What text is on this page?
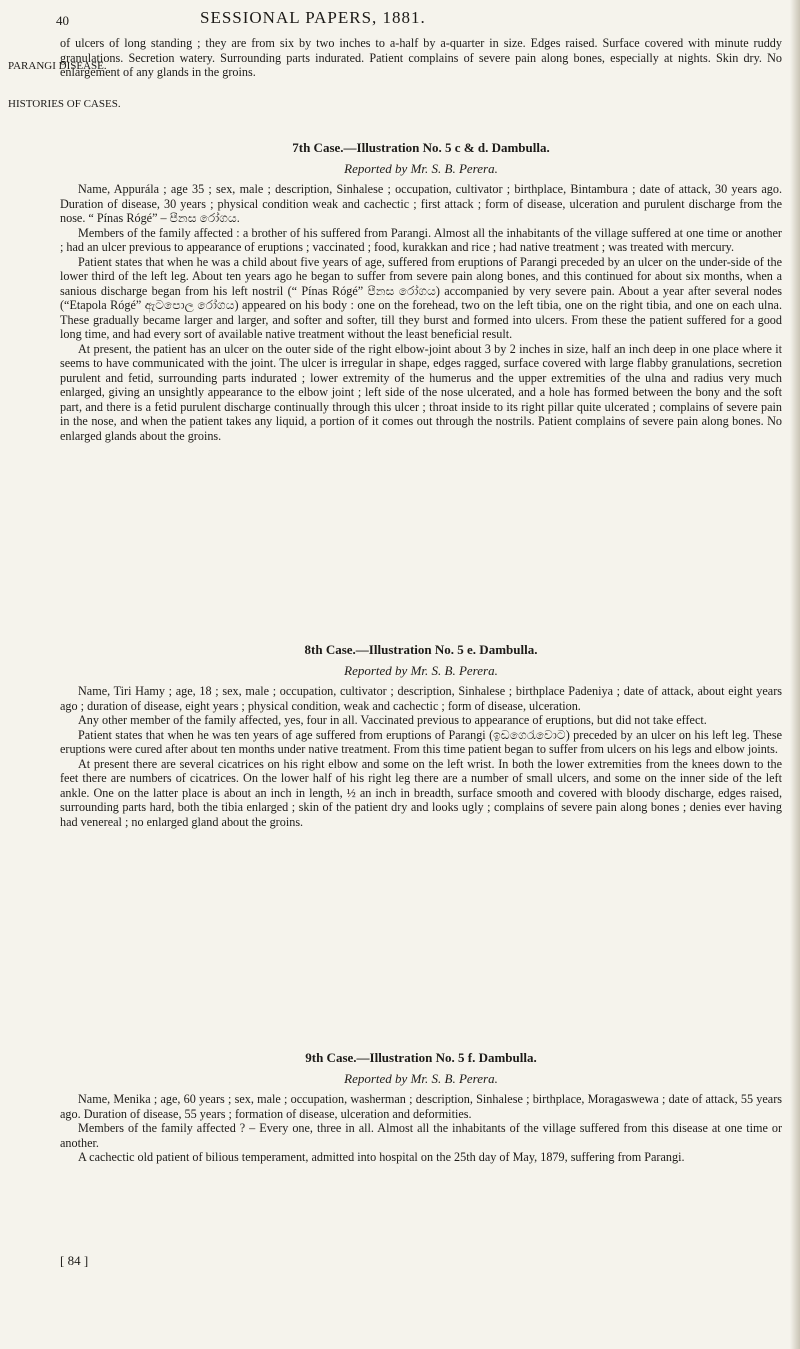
40	SESSIONAL PAPERS, 1881.
PARANGI DISEASE.
HISTORIES OF CASES.

of ulcers of long standing ; they are from six by two inches to a-half by a-quarter in size. Edges raised. Surface covered with minute ruddy granulations. Secretion watery. Surrounding parts indurated. Patient complains of severe pain along bones, especially at nights. Skin dry. No enlargement of any glands in the groins.

7th Case.—Illustration No. 5 c & d. Dambulla.
Reported by Mr. S. B. Perera.

Name, Appurála ; age 35 ; sex, male ; description, Sinhalese ; occupation, cultivator ; birthplace, Bintambura ; date of attack, 30 years ago. Duration of disease, 30 years ; physical condition weak and cachectic ; first attack ; form of disease, ulceration and purulent discharge from the nose. “ Pínas Rógé” – පීනස රෝගය.

Members of the family affected : a brother of his suffered from Parangi. Almost all the inhabitants of the village suffered at one time or another ; had an ulcer previous to appearance of eruptions ; vaccinated ; food, kurakkan and rice ; had native treatment ; was treated with mercury.

Patient states that when he was a child about five years of age, suffered from eruptions of Parangi preceded by an ulcer on the under-side of the lower third of the left leg. About ten years ago he began to suffer from severe pain along bones, and this continued for about six months, when a sanious discharge began from his left nostril (“ Pínas Rógé” පීනස රෝගය) accompanied by very severe pain. About a year after several nodes (“Etapola Rógé” ඇටපොල රෝගය) appeared on his body : one on the forehead, two on the left tibia, one on the right tibia, and one on each ulna. These gradually became larger and larger, and softer and softer, till they burst and formed into ulcers. From these the patient suffered for a good long time, and had every sort of available native treatment without the least beneficial result.

At present, the patient has an ulcer on the outer side of the right elbow-joint about 3 by 2 inches in size, half an inch deep in one place where it seems to have communicated with the joint. The ulcer is irregular in shape, edges ragged, surface covered with large flabby granulations, secretion purulent and fetid, surrounding parts indurated ; lower extremity of the humerus and the upper extremities of the ulna and radius very much enlarged, giving an unsightly appearance to the elbow joint ; left side of the nose ulcerated, and a hole has formed between the bony and the soft part, and there is a fetid purulent discharge continually through this ulcer ; throat inside to its right pillar quite ulcerated ; complains of severe pain in the nose, and when the patient takes any liquid, a portion of it comes out through the nostrils. Patient complains of severe pain along bones. No enlarged glands about the groins.

8th Case.—Illustration No. 5 e. Dambulla.
Reported by Mr. S. B. Perera.

Name, Tiri Hamy ; age, 18 ; sex, male ; occupation, cultivator ; description, Sinhalese ; birthplace Padeniya ; date of attack, about eight years ago ; duration of disease, eight years ; physical condition, weak and cachectic ; form of disease, ulceration.

Any other member of the family affected, yes, four in all. Vaccinated previous to appearance of eruptions, but did not take effect.

Patient states that when he was ten years of age suffered from eruptions of Parangi (ඉඩගෙරැවොට) preceded by an ulcer on his left leg. These eruptions were cured after about ten months under native treatment. From this time patient began to suffer from ulcers on his legs and elbow joints.

At present there are several cicatrices on his right elbow and some on the left wrist. In both the lower extremities from the knees down to the feet there are numbers of cicatrices. On the lower half of his right leg there are a number of small ulcers, and some on the inner side of the left ankle. One on the latter place is about an inch in length, ½ an inch in breadth, surface smooth and covered with bloody discharge, edges raised, surrounding parts hard, both the tibia enlarged ; skin of the patient dry and looks ugly ; complains of severe pain along bones ; denies ever having had venereal ; no enlarged gland about the groins.

9th Case.—Illustration No. 5 f. Dambulla.
Reported by Mr. S. B. Perera.

Name, Menika ; age, 60 years ; sex, male ; occupation, washerman ; description, Sinhalese ; birthplace, Moragaswewa ; date of attack, 55 years ago. Duration of disease, 55 years ; formation of disease, ulceration and deformities.

Members of the family affected ? – Every one, three in all. Almost all the inhabitants of the village suffered from this disease at one time or another.

A cachectic old patient of bilious temperament, admitted into hospital on the 25th day of May, 1879, suffering from Parangi.

[ 84 ]
